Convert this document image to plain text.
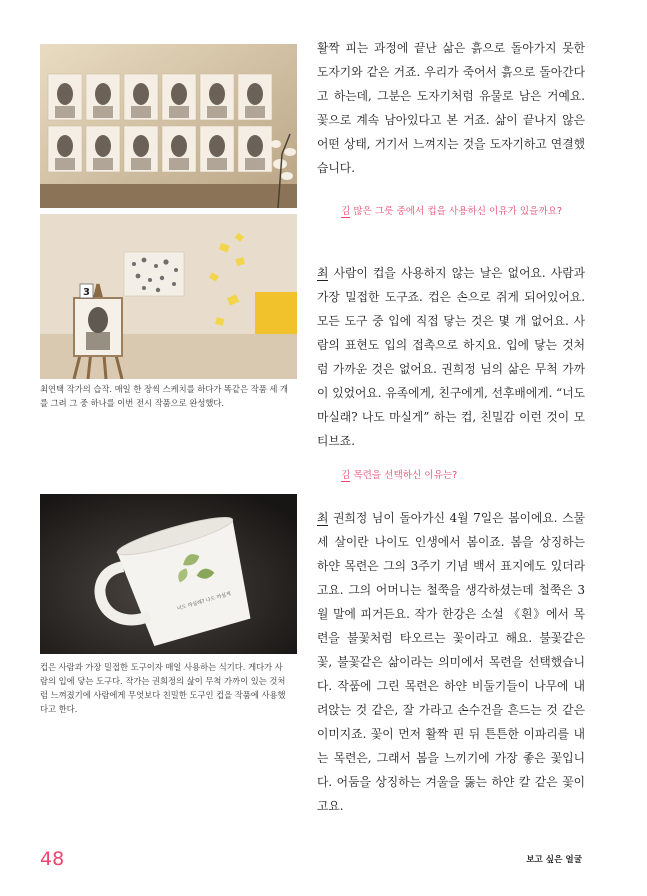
3
최연택 작가의 습작. 매일 한 장씩 스케치를 하다가 똑같은 작품 세 개를 그려 그 중 하나를 이번 전시 작품으로 완성했다.
너도 마실래? 나도 마실게
컵은 사람과 가장 밀접한 도구이자 매일 사용하는 식기다. 게다가 사람의 입에 닿는 도구다. 작가는 권희정의 삶이 무척 가까이 있는 것처럼 느껴졌기에 사람에게 무엇보다 친밀한 도구인 컵을 작품에 사용했다고 한다.

활짝 피는 과정에 끝난 삶은 흙으로 돌아가지 못한 도자기와 같은 거죠. 우리가 죽어서 흙으로 돌아간다고 하는데, 그분은 도자기처럼 유물로 남은 거예요. 꽃으로 계속 남아있다고 본 거죠. 삶이 끝나지 않은 어떤 상태, 거기서 느껴지는 것을 도자기하고 연결했습니다.

김 많은 그릇 중에서 컵을 사용하신 이유가 있을까요?

최 사람이 컵을 사용하지 않는 날은 없어요. 사람과 가장 밀접한 도구죠. 컵은 손으로 쥐게 되어있어요. 모든 도구 중 입에 직접 닿는 것은 몇 개 없어요. 사람의 표현도 입의 접촉으로 하지요. 입에 닿는 것처럼 가까운 것은 없어요. 권희정 님의 삶은 무척 가까이 있었어요. 유족에게, 친구에게, 선후배에게. “너도 마실래? 나도 마실게” 하는 컵, 친밀감 이런 것이 모티브죠.

김 목련을 선택하신 이유는?

최 권희정 님이 돌아가신 4월 7일은 봄이에요. 스물세 살이란 나이도 인생에서 봄이죠. 봄을 상징하는 하얀 목련은 그의 3주기 기념 백서 표지에도 있더라고요. 그의 어머니는 철쭉을 생각하셨는데 철쭉은 3월 말에 피거든요. 작가 한강은 소설 《흰》에서 목련을 불꽃처럼 타오르는 꽃이라고 해요. 불꽃같은 꽃, 불꽃같은 삶이라는 의미에서 목련을 선택했습니다. 작품에 그린 목련은 하얀 비둘기들이 나무에 내려앉는 것 같은, 잘 가라고 손수건을 흔드는 것 같은 이미지죠. 꽃이 먼저 활짝 핀 뒤 튼튼한 이파리를 내는 목련은, 그래서 봄을 느끼기에 가장 좋은 꽃입니다. 어둠을 상징하는 겨울을 뚫는 하얀 칼 같은 꽃이고요.

48	보고 싶은 얼굴
